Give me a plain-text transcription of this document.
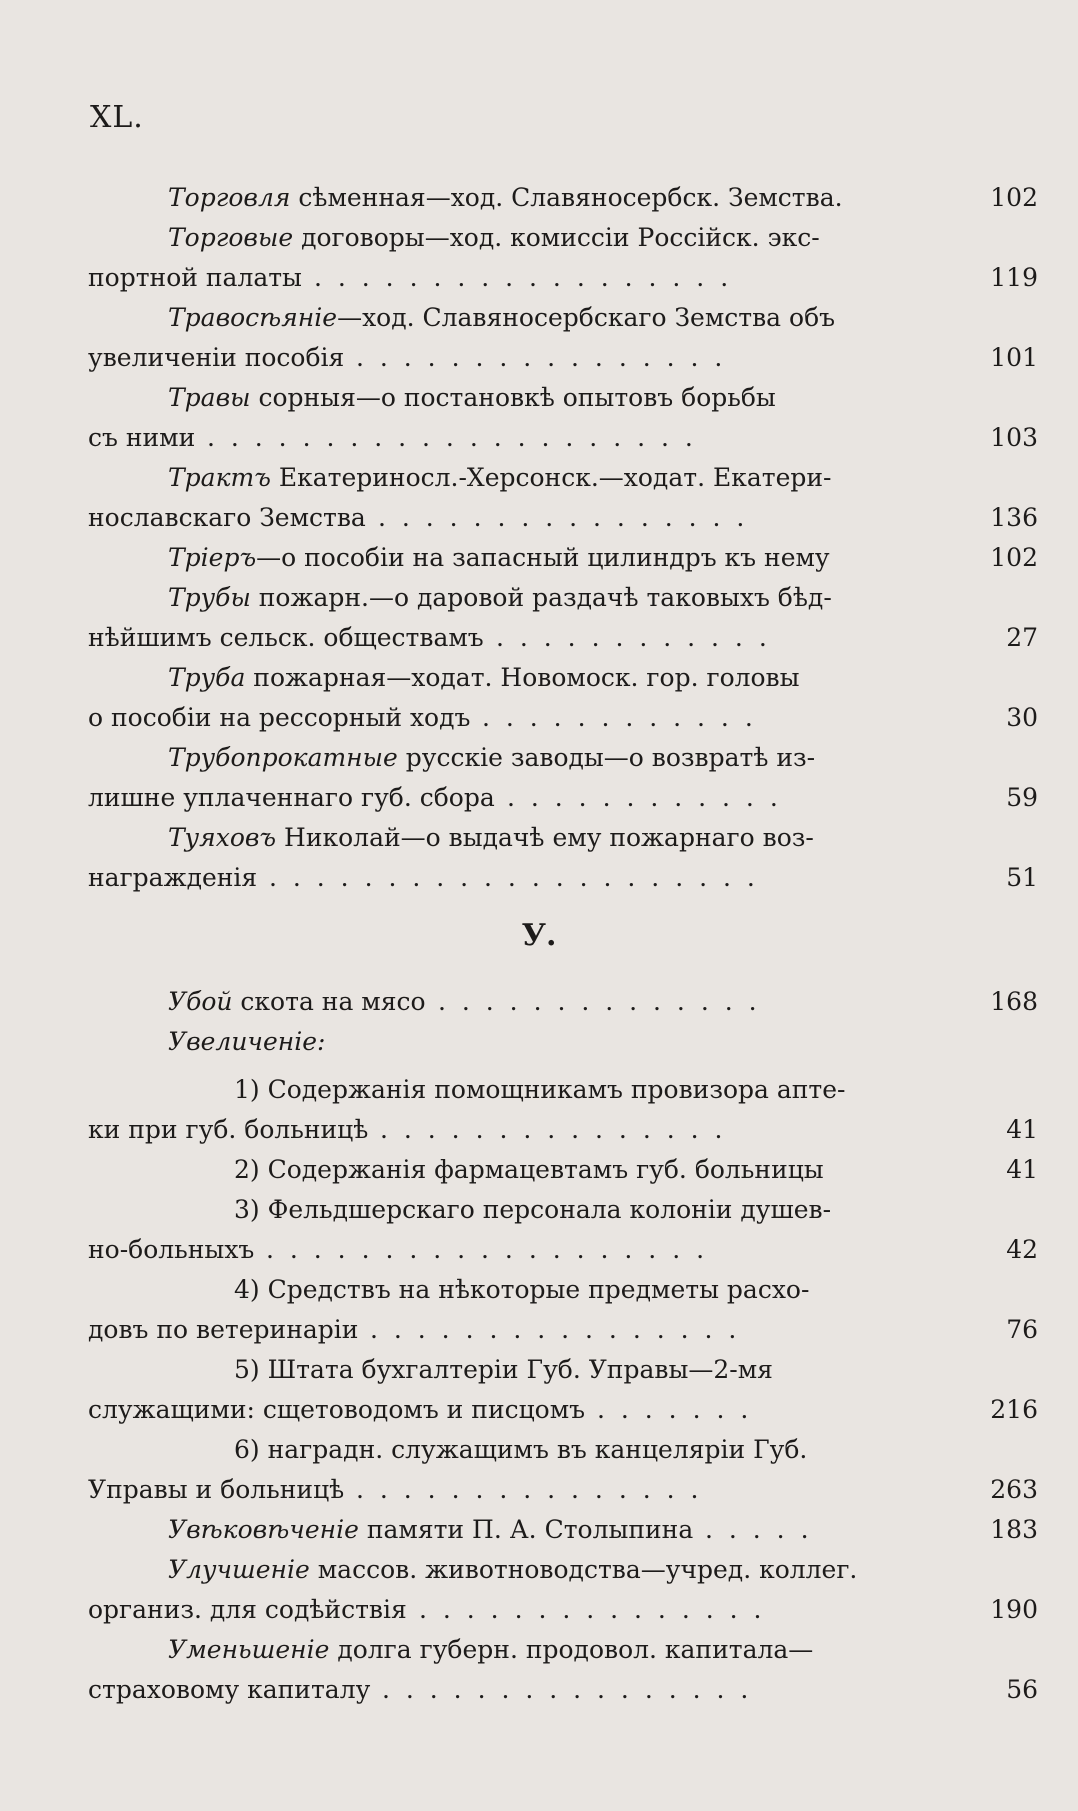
XL.
У.
Торговля сѣменная—ход. Славяносербск. Земства.	102
Торговые договоры—ход. комиссіи Россійск. экс-
портной палаты . . . . . . . . . . . . . . . . . .	119
Травосѣяніе—ход. Славяносербскаго Земства объ
увеличеніи пособія . . . . . . . . . . . . . . . .	101
Травы сорныя—о постановкѣ опытовъ борьбы
съ ними . . . . . . . . . . . . . . . . . . . . .	103
Трактъ Екатериносл.-Херсонск.—ходат. Екатери-
нославскаго Земства . . . . . . . . . . . . . . . .	136
Тріеръ—о пособіи на запасный цилиндръ къ нему	102
Трубы пожарн.—о даровой раздачѣ таковыхъ бѣд-
нѣйшимъ сельск. обществамъ . . . . . . . . . . . .	27
Труба пожарная—ходат. Новомоск. гор. головы
о пособіи на рессорный ходъ . . . . . . . . . . . .	30
Трубопрокатные русскіе заводы—о возвратѣ из-
лишне уплаченнаго губ. сбора . . . . . . . . . . . .	59
Туяховъ Николай—о выдачѣ ему пожарнаго воз-
награжденія . . . . . . . . . . . . . . . . . . . . .	51
Убой скота на мясо . . . . . . . . . . . . . .	168
Увеличеніе:
1) Содержанія помощникамъ провизора апте-
ки при губ. больницѣ . . . . . . . . . . . . . . .	41
2) Содержанія фармацевтамъ губ. больницы	41
3) Фельдшерскаго персонала колоніи душев-
но-больныхъ . . . . . . . . . . . . . . . . . . .	42
4) Средствъ на нѣкоторые предметы расхо-
довъ по ветеринаріи . . . . . . . . . . . . . . . .	76
5) Штата бухгалтеріи Губ. Управы—2-мя
служащими: сщетоводомъ и писцомъ . . . . . . .	216
6) наградн. служащимъ въ канцеляріи Губ.
Управы и больницѣ . . . . . . . . . . . . . . .	263
Увѣковѣченіе памяти П. А. Столыпина . . . . .	183
Улучшеніе массов. животноводства—учред. коллег.
организ. для содѣйствія . . . . . . . . . . . . . . .	190
Уменьшеніе долга губерн. продовол. капитала—
страховому капиталу . . . . . . . . . . . . . . . .	56
